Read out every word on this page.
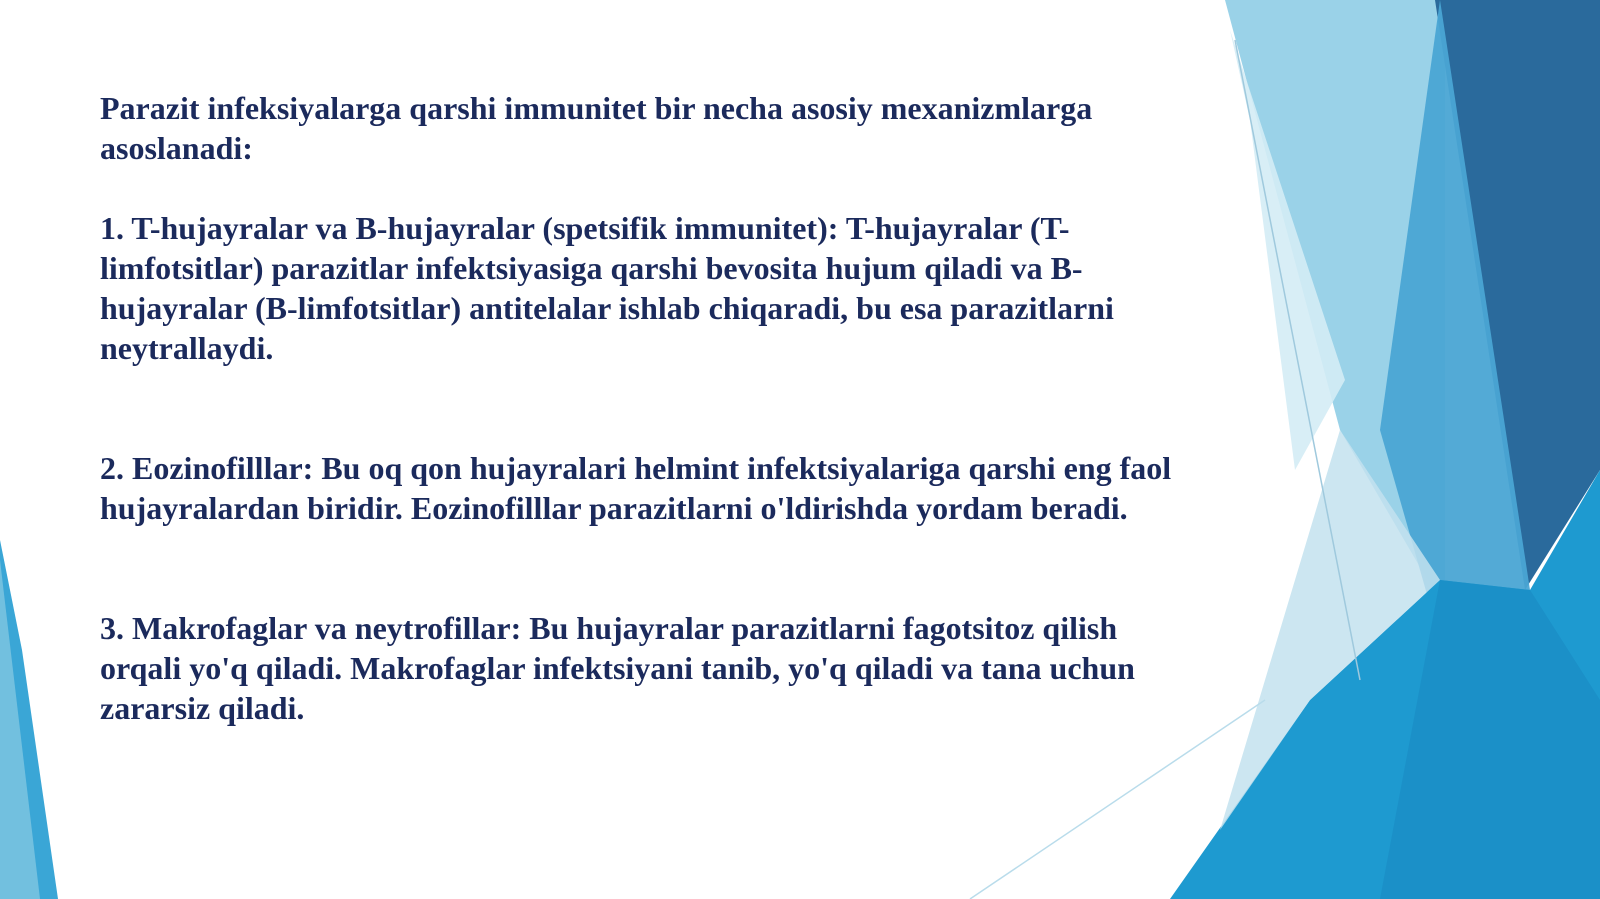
Parazit infeksiyalarga qarshi immunitet bir necha asosiy mexanizmlarga asoslanadi:

1. T-hujayralar va B-hujayralar (spetsifik immunitet): T-hujayralar (T-limfotsitlar) parazitlar infektsiyasiga qarshi bevosita hujum qiladi va B-hujayralar (B-limfotsitlar) antitelalar ishlab chiqaradi, bu esa parazitlarni neytrallaydi.

2. Eozinofilllar: Bu oq qon hujayralari helmint infektsiyalariga qarshi eng faol hujayralardan biridir. Eozinofilllar parazitlarni o'ldirishda yordam beradi.

3. Makrofaglar va neytrofillar: Bu hujayralar parazitlarni fagotsitoz qilish orqali yo'q qiladi. Makrofaglar infektsiyani tanib, yo'q qiladi va tana uchun zararsiz qiladi.
